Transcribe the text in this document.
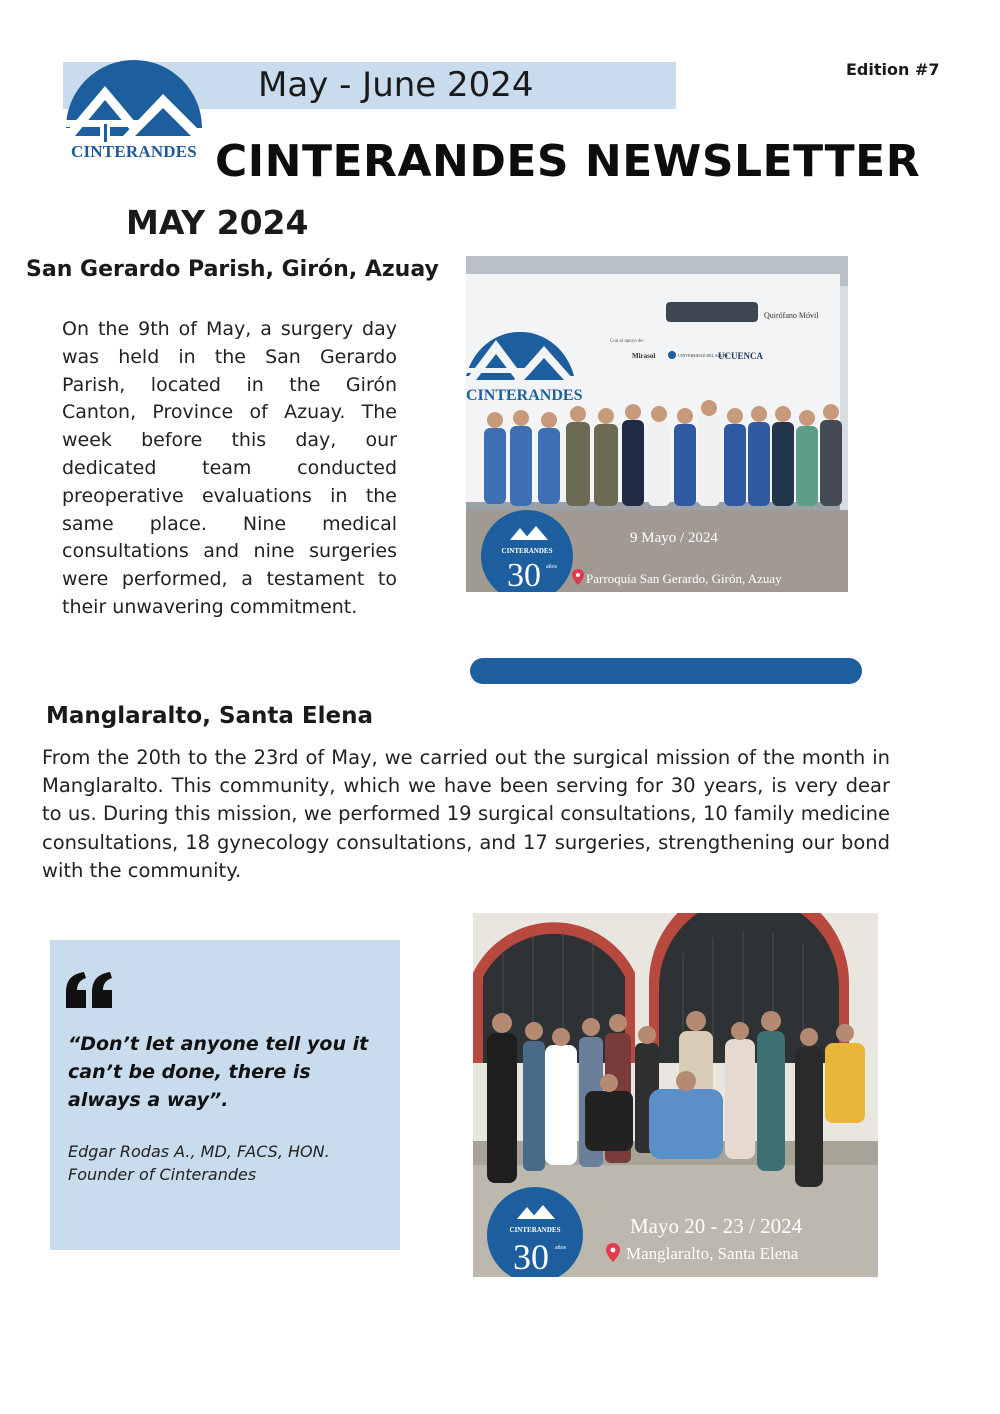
May - June 2024	Edition #7
CINTERANDES CINTERANDES NEWSLETTER
MAY 2024
San Gerardo Parish, Girón, Azuay
On the 9th of May, a surgery day was held in the San Gerardo Parish, located in the Girón Canton, Province of Azuay. The week before this day, our dedicated team conducted preoperative evaluations in the same place. Nine medical consultations and nine surgeries were performed, a testament to their unwavering commitment.
Quirófano Móvil
Con el apoyo de:
Mirasol	UNIVERSIDAD DEL AZUAY
UCUENCA
CINTERANDES
CINTERANDES
30 años
9 Mayo / 2024
Parroquia San Gerardo, Girón, Azuay
Manglaralto, Santa Elena
From the 20th to the 23rd of May, we carried out the surgical mission of the month in Manglaralto. This community, which we have been serving for 30 years, is very dear to us. During this mission, we performed 19 surgical consultations, 10 family medicine consultations, 18 gynecology consultations, and 17 surgeries, strengthening our bond with the community.
“Don’t let anyone tell you it can’t be done, there is always a way”.
Edgar Rodas A., MD, FACS, HON.
Founder of Cinterandes
CINTERANDES
30 años
Mayo 20 - 23 / 2024
Manglaralto, Santa Elena
